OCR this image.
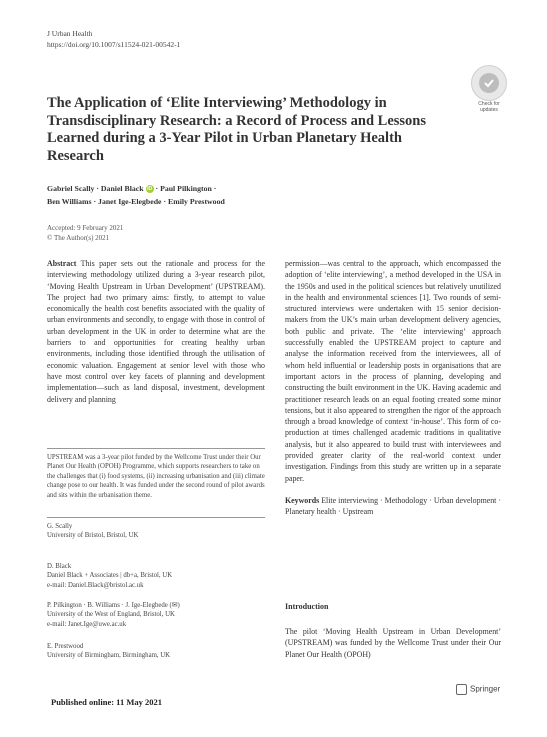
J Urban Health
https://doi.org/10.1007/s11524-021-00542-1
Check for updates
The Application of ‘Elite Interviewing’ Methodology in Transdisciplinary Research: a Record of Process and Lessons Learned during a 3-Year Pilot in Urban Planetary Health Research
Gabriel Scally · Daniel Black iD · Paul Pilkington ·
Ben Williams · Janet Ige-Elegbede · Emily Prestwood
Accepted: 9 February 2021
© The Author(s) 2021

Abstract This paper sets out the rationale and process for the interviewing methodology utilized during a 3-year research pilot, ‘Moving Health Upstream in Urban Development’ (UPSTREAM). The project had two primary aims: firstly, to attempt to value economically the health cost benefits associated with the quality of urban environments and secondly, to engage with those in control of urban development in the UK in order to determine what are the barriers to and opportunities for creating healthy urban environments, including those identified through the utilisation of economic valuation. Engagement at senior level with those who have most control over key facets of planning and development implementation—such as land disposal, investment, development delivery and planning

UPSTREAM was a 3-year pilot funded by the Wellcome Trust under their Our Planet Our Health (OPOH) Programme, which supports researchers to take on the challenges that (i) food systems, (ii) increasing urbanisation and (iii) climate change pose to our health. It was funded under the second round of pilot awards and sits within the urbanisation theme.
G. Scally
University of Bristol, Bristol, UK
D. Black
Daniel Black + Associates | db+a, Bristol, UK
e-mail: Daniel.Black@bristol.ac.uk
P. Pilkington · B. Williams · J. Ige-Elegbede (✉)
University of the West of England, Bristol, UK
e-mail: Janet.Ige@uwe.ac.uk
E. Prestwood
University of Birmingham, Birmingham, UK

permission—was central to the approach, which encompassed the adoption of ‘elite interviewing’, a method developed in the USA in the 1950s and used in the political sciences but relatively unutilized in the health and environmental sciences [1]. Two rounds of semi-structured interviews were undertaken with 15 senior decision-makers from the UK’s main urban development delivery agencies, both public and private. The ‘elite interviewing’ approach successfully enabled the UPSTREAM project to capture and analyse the information received from the interviewees, all of whom held influential or leadership posts in organisations that are important actors in the process of planning, developing and constructing the built environment in the UK. Having academic and practitioner research leads on an equal footing created some minor tensions, but it also appeared to strengthen the rigor of the approach through a broad knowledge of context ‘in-house’. This form of co-production at times challenged academic traditions in qualitative analysis, but it also appeared to build trust with interviewees and provided greater clarity of the real-world context under investigation. Findings from this study are written up in a separate paper.

Keywords Elite interviewing · Methodology · Urban development · Planetary health · Upstream

Introduction
The pilot ‘Moving Health Upstream in Urban Development’ (UPSTREAM) was funded by the Wellcome Trust under their Our Planet Our Health (OPOH)
Springer
Published online: 11 May 2021
